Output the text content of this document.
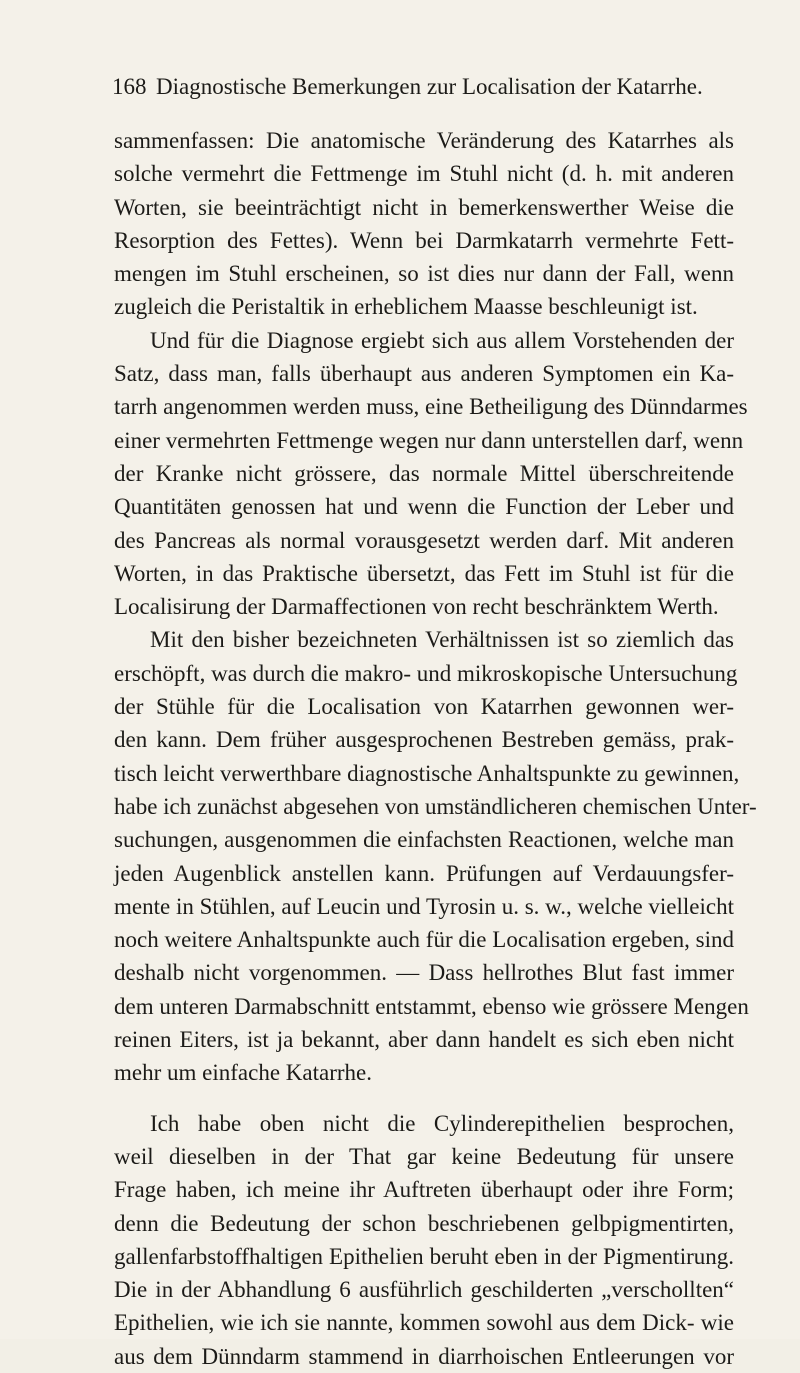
168 Diagnostische Bemerkungen zur Localisation der Katarrhe.
sammenfassen: Die anatomische Veränderung des Katarrhes als
solche vermehrt die Fettmenge im Stuhl nicht (d. h. mit anderen
Worten, sie beeinträchtigt nicht in bemerkenswerther Weise die
Resorption des Fettes). Wenn bei Darmkatarrh vermehrte Fett-
mengen im Stuhl erscheinen, so ist dies nur dann der Fall, wenn
zugleich die Peristaltik in erheblichem Maasse beschleunigt ist.
Und für die Diagnose ergiebt sich aus allem Vorstehenden der
Satz, dass man, falls überhaupt aus anderen Symptomen ein Ka-
tarrh angenommen werden muss, eine Betheiligung des Dünndarmes
einer vermehrten Fettmenge wegen nur dann unterstellen darf, wenn
der Kranke nicht grössere, das normale Mittel überschreitende
Quantitäten genossen hat und wenn die Function der Leber und
des Pancreas als normal vorausgesetzt werden darf. Mit anderen
Worten, in das Praktische übersetzt, das Fett im Stuhl ist für die
Localisirung der Darmaffectionen von recht beschränktem Werth.
Mit den bisher bezeichneten Verhältnissen ist so ziemlich das
erschöpft, was durch die makro- und mikroskopische Untersuchung
der Stühle für die Localisation von Katarrhen gewonnen wer-
den kann. Dem früher ausgesprochenen Bestreben gemäss, prak-
tisch leicht verwerthbare diagnostische Anhaltspunkte zu gewinnen,
habe ich zunächst abgesehen von umständlicheren chemischen Unter-
suchungen, ausgenommen die einfachsten Reactionen, welche man
jeden Augenblick anstellen kann. Prüfungen auf Verdauungsfer-
mente in Stühlen, auf Leucin und Tyrosin u. s. w., welche vielleicht
noch weitere Anhaltspunkte auch für die Localisation ergeben, sind
deshalb nicht vorgenommen. — Dass hellrothes Blut fast immer
dem unteren Darmabschnitt entstammt, ebenso wie grössere Mengen
reinen Eiters, ist ja bekannt, aber dann handelt es sich eben nicht
mehr um einfache Katarrhe.
Ich habe oben nicht die Cylinderepithelien besprochen,
weil dieselben in der That gar keine Bedeutung für unsere
Frage haben, ich meine ihr Auftreten überhaupt oder ihre Form;
denn die Bedeutung der schon beschriebenen gelbpigmentirten,
gallenfarbstoffhaltigen Epithelien beruht eben in der Pigmentirung.
Die in der Abhandlung 6 ausführlich geschilderten „verschollten“
Epithelien, wie ich sie nannte, kommen sowohl aus dem Dick- wie
aus dem Dünndarm stammend in diarrhoischen Entleerungen vor
